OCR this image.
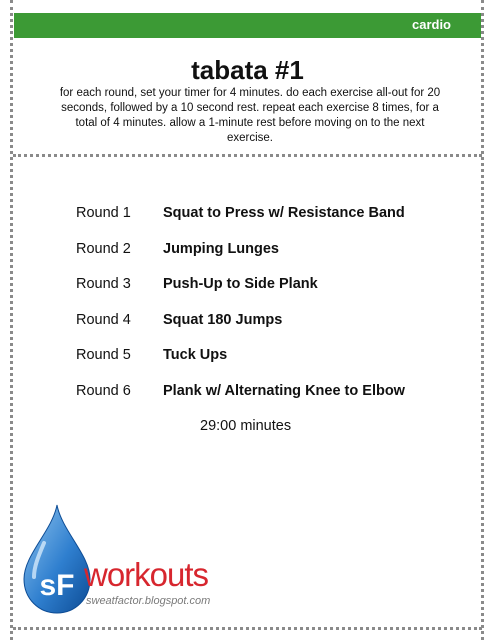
cardio
tabata #1
for each round, set your timer for 4 minutes. do each exercise all-out for 20 seconds, followed by a 10 second rest. repeat each exercise 8 times, for a total of 4 minutes. allow a 1-minute rest before moving on to the next exercise.
Round 1 Squat to Press w/ Resistance Band
Round 2 Jumping Lunges
Round 3 Push-Up to Side Plank
Round 4 Squat 180 Jumps
Round 5 Tuck Ups
Round 6 Plank w/ Alternating Knee to Elbow
29:00 minutes
sF workouts
sweatfactor.blogspot.com
